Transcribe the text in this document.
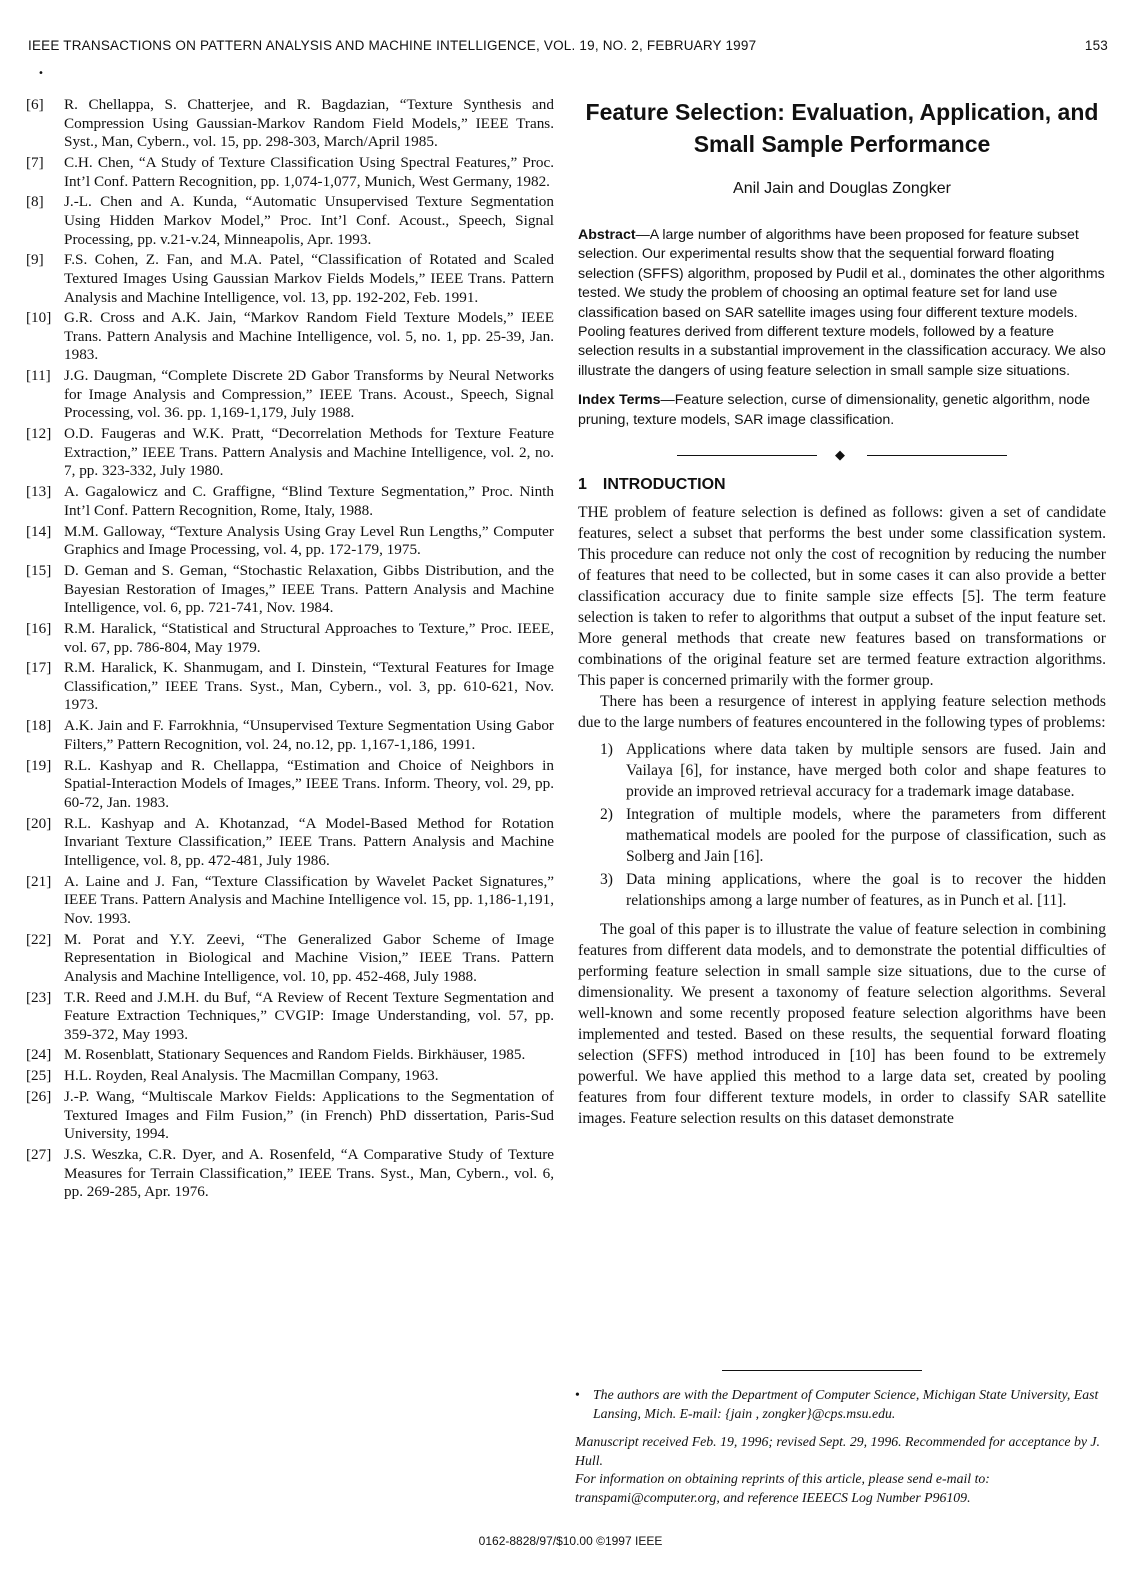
IEEE TRANSACTIONS ON PATTERN ANALYSIS AND MACHINE INTELLIGENCE, VOL. 19, NO. 2, FEBRUARY 1997	153
•
[6] R. Chellappa, S. Chatterjee, and R. Bagdazian, “Texture Synthesis and Compression Using Gaussian-Markov Random Field Models,” IEEE Trans. Syst., Man, Cybern., vol. 15, pp. 298-303, March/April 1985.
[7] C.H. Chen, “A Study of Texture Classification Using Spectral Features,” Proc. Int’l Conf. Pattern Recognition, pp. 1,074-1,077, Munich, West Germany, 1982.
[8] J.-L. Chen and A. Kunda, “Automatic Unsupervised Texture Segmentation Using Hidden Markov Model,” Proc. Int’l Conf. Acoust., Speech, Signal Processing, pp. v.21-v.24, Minneapolis, Apr. 1993.
[9] F.S. Cohen, Z. Fan, and M.A. Patel, “Classification of Rotated and Scaled Textured Images Using Gaussian Markov Fields Models,” IEEE Trans. Pattern Analysis and Machine Intelligence, vol. 13, pp. 192-202, Feb. 1991.
[10] G.R. Cross and A.K. Jain, “Markov Random Field Texture Models,” IEEE Trans. Pattern Analysis and Machine Intelligence, vol. 5, no. 1, pp. 25-39, Jan. 1983.
[11] J.G. Daugman, “Complete Discrete 2D Gabor Transforms by Neural Networks for Image Analysis and Compression,” IEEE Trans. Acoust., Speech, Signal Processing, vol. 36. pp. 1,169-1,179, July 1988.
[12] O.D. Faugeras and W.K. Pratt, “Decorrelation Methods for Texture Feature Extraction,” IEEE Trans. Pattern Analysis and Machine Intelligence, vol. 2, no. 7, pp. 323-332, July 1980.
[13] A. Gagalowicz and C. Graffigne, “Blind Texture Segmentation,” Proc. Ninth Int’l Conf. Pattern Recognition, Rome, Italy, 1988.
[14] M.M. Galloway, “Texture Analysis Using Gray Level Run Lengths,” Computer Graphics and Image Processing, vol. 4, pp. 172-179, 1975.
[15] D. Geman and S. Geman, “Stochastic Relaxation, Gibbs Distribution, and the Bayesian Restoration of Images,” IEEE Trans. Pattern Analysis and Machine Intelligence, vol. 6, pp. 721-741, Nov. 1984.
[16] R.M. Haralick, “Statistical and Structural Approaches to Texture,” Proc. IEEE, vol. 67, pp. 786-804, May 1979.
[17] R.M. Haralick, K. Shanmugam, and I. Dinstein, “Textural Features for Image Classification,” IEEE Trans. Syst., Man, Cybern., vol. 3, pp. 610-621, Nov. 1973.
[18] A.K. Jain and F. Farrokhnia, “Unsupervised Texture Segmentation Using Gabor Filters,” Pattern Recognition, vol. 24, no.12, pp. 1,167-1,186, 1991.
[19] R.L. Kashyap and R. Chellappa, “Estimation and Choice of Neighbors in Spatial-Interaction Models of Images,” IEEE Trans. Inform. Theory, vol. 29, pp. 60-72, Jan. 1983.
[20] R.L. Kashyap and A. Khotanzad, “A Model-Based Method for Rotation Invariant Texture Classification,” IEEE Trans. Pattern Analysis and Machine Intelligence, vol. 8, pp. 472-481, July 1986.
[21] A. Laine and J. Fan, “Texture Classification by Wavelet Packet Signatures,” IEEE Trans. Pattern Analysis and Machine Intelligence vol. 15, pp. 1,186-1,191, Nov. 1993.
[22] M. Porat and Y.Y. Zeevi, “The Generalized Gabor Scheme of Image Representation in Biological and Machine Vision,” IEEE Trans. Pattern Analysis and Machine Intelligence, vol. 10, pp. 452-468, July 1988.
[23] T.R. Reed and J.M.H. du Buf, “A Review of Recent Texture Segmentation and Feature Extraction Techniques,” CVGIP: Image Understanding, vol. 57, pp. 359-372, May 1993.
[24] M. Rosenblatt, Stationary Sequences and Random Fields. Birkhäuser, 1985.
[25] H.L. Royden, Real Analysis. The Macmillan Company, 1963.
[26] J.-P. Wang, “Multiscale Markov Fields: Applications to the Segmentation of Textured Images and Film Fusion,” (in French) PhD dissertation, Paris-Sud University, 1994.
[27] J.S. Weszka, C.R. Dyer, and A. Rosenfeld, “A Comparative Study of Texture Measures for Terrain Classification,” IEEE Trans. Syst., Man, Cybern., vol. 6, pp. 269-285, Apr. 1976.
Feature Selection: Evaluation, Application, and Small Sample Performance
Anil Jain and Douglas Zongker

Abstract—A large number of algorithms have been proposed for feature subset selection. Our experimental results show that the sequential forward floating selection (SFFS) algorithm, proposed by Pudil et al., dominates the other algorithms tested. We study the problem of choosing an optimal feature set for land use classification based on SAR satellite images using four different texture models. Pooling features derived from different texture models, followed by a feature selection results in a substantial improvement in the classification accuracy. We also illustrate the dangers of using feature selection in small sample size situations.

Index Terms—Feature selection, curse of dimensionality, genetic algorithm, node pruning, texture models, SAR image classification.

◆
1 INTRODUCTION

THE problem of feature selection is defined as follows: given a set of candidate features, select a subset that performs the best under some classification system. This procedure can reduce not only the cost of recognition by reducing the number of features that need to be collected, but in some cases it can also provide a better classification accuracy due to finite sample size effects [5]. The term feature selection is taken to refer to algorithms that output a subset of the input feature set. More general methods that create new features based on transformations or combinations of the original feature set are termed feature extraction algorithms. This paper is concerned primarily with the former group.

There has been a resurgence of interest in applying feature selection methods due to the large numbers of features encountered in the following types of problems:

1) Applications where data taken by multiple sensors are fused. Jain and Vailaya [6], for instance, have merged both color and shape features to provide an improved retrieval accuracy for a trademark image database.
2) Integration of multiple models, where the parameters from different mathematical models are pooled for the purpose of classification, such as Solberg and Jain [16].
3) Data mining applications, where the goal is to recover the hidden relationships among a large number of features, as in Punch et al. [11].

The goal of this paper is to illustrate the value of feature selection in combining features from different data models, and to demonstrate the potential difficulties of performing feature selection in small sample size situations, due to the curse of dimensionality. We present a taxonomy of feature selection algorithms. Several well-known and some recently proposed feature selection algorithms have been implemented and tested. Based on these results, the sequential forward floating selection (SFFS) method introduced in [10] has been found to be extremely powerful. We have applied this method to a large data set, created by pooling features from four different texture models, in order to classify SAR satellite images. Feature selection results on this dataset demonstrate

• The authors are with the Department of Computer Science, Michigan State University, East Lansing, Mich. E-mail: {jain , zongker}@cps.msu.edu.

Manuscript received Feb. 19, 1996; revised Sept. 29, 1996. Recommended for acceptance by J. Hull.

For information on obtaining reprints of this article, please send e-mail to: transpami@computer.org, and reference IEEECS Log Number P96109.

0162-8828/97/$10.00 ©1997 IEEE
